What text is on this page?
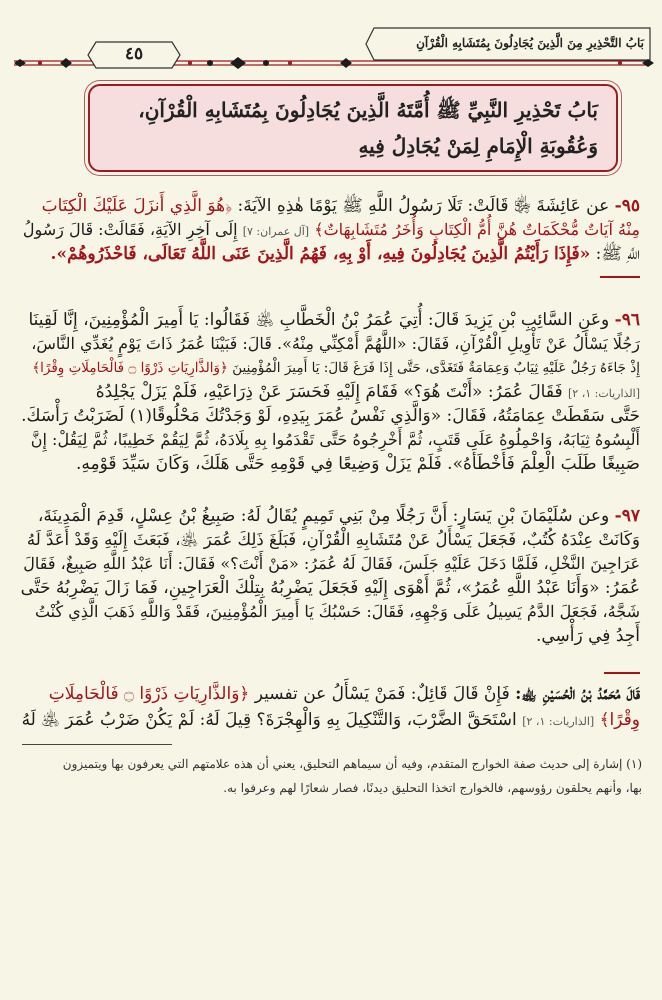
بَابُ التَّحْذِيرِ مِنَ الَّذِينَ يُجَادِلُونَ بِمُتَشَابِهِ الْقُرْآنِ
٤٥
بَابُ تَحْذِيرِ النَّبِيِّ ﷺ أُمَّتَهُ الَّذِينَ يُجَادِلُونَ بِمُتَشَابِهِ الْقُرْآنِ،
وَعُقُوبَةِ الْإِمَامِ لِمَنْ يُجَادِلُ فِيهِ
٩٥- عن عَائِشَةَ ﵂ قَالَتْ: تَلَا رَسُولُ اللَّهِ ﷺ يَوْمًا هٰذِهِ الآيَةَ: ﴿هُوَ الَّذِي أَنزَلَ عَلَيْكَ الْكِتَابَ
مِنْهُ آيَاتٌ مُّحْكَمَاتٌ هُنَّ أُمُّ الْكِتَابِ وَأُخَرُ مُتَشَابِهَاتٌ﴾ [آل عمران: ٧] إِلَى آخِرِ الآيَةِ، فَقَالَتْ: قَالَ رَسُولُ
اللَّهِ ﷺ: «فَإِذَا رَأَيْتُمُ الَّذِينَ يُجَادِلُونَ فِيهِ، أَوْ بِهِ، فَهُمُ الَّذِينَ عَنَى اللَّهُ تَعَالَى، فَاحْذَرُوهُمْ».
٩٦- وعَنِ السَّائِبِ بْنِ يَزِيدَ قَالَ: أُتِيَ عُمَرُ بْنُ الْخَطَّابِ ﵁ فَقَالُوا: يَا أَمِيرَ الْمُؤْمِنِينَ، إِنَّا لَقِينَا
رَجُلًا يَسْأَلُ عَنْ تَأْوِيلِ الْقُرْآنِ، فَقَالَ: «اللَّهُمَّ أَمْكِنِّي مِنْهُ». قَالَ: فَبَيْنَا عُمَرُ ذَاتَ يَوْمٍ يُغَدِّي النَّاسَ،
إِذْ جَاءَهُ رَجُلٌ عَلَيْهِ ثِيَابٌ وَعِمَامَةٌ فَتَغَدَّى، حَتَّى إِذَا فَرَغَ قَالَ: يَا أَمِيرَ الْمُؤْمِنِينَ ﴿وَالذَّارِيَاتِ ذَرْوًا ۝ فَالْحَامِلَاتِ وِقْرًا﴾
[الذاريات: ١، ٢] فَقَالَ عُمَرُ: «أَنْتَ هُوَ؟» فَقَامَ إِلَيْهِ فَحَسَرَ عَنْ ذِرَاعَيْهِ، فَلَمْ يَزَلْ يَجْلِدُهُ
حَتَّى سَقَطَتْ عِمَامَتُهُ، فَقَالَ: «وَالَّذِي نَفْسُ عُمَرَ بِيَدِهِ، لَوْ وَجَدْتُكَ مَحْلُوقًا(١) لَضَرَبْتُ رَأْسَكَ.
أَلْبِسُوهُ ثِيَابَهُ، وَاحْمِلُوهُ عَلَى قَتَبٍ، ثُمَّ أَخْرِجُوهُ حَتَّى تَقْدَمُوا بِهِ بِلَادَهُ، ثُمَّ لِيَقُمْ خَطِيبًا، ثُمَّ لِيَقُلْ: إِنَّ
صَبِيغًا طَلَبَ الْعِلْمَ فَأَخْطَأَهُ». فَلَمْ يَزَلْ وَضِيعًا فِي قَوْمِهِ حَتَّى هَلَكَ، وَكَانَ سَيِّدَ قَوْمِهِ.
٩٧- وعن سُلَيْمَانَ بْنِ يَسَارٍ: أَنَّ رَجُلًا مِنْ بَنِي تَمِيمٍ يُقَالُ لَهُ: صَبِيغُ بْنُ عِسْلٍ، قَدِمَ الْمَدِينَةَ،
وَكَانَتْ عِنْدَهُ كُتُبٌ، فَجَعَلَ يَسْأَلُ عَنْ مُتَشَابِهِ الْقُرْآنِ، فَبَلَغَ ذَلِكَ عُمَرَ ﵁، فَبَعَثَ إِلَيْهِ وَقَدْ أَعَدَّ لَهُ
عَرَاجِينَ النَّخْلِ، فَلَمَّا دَخَلَ عَلَيْهِ جَلَسَ، فَقَالَ لَهُ عُمَرُ: «مَنْ أَنْتَ؟» فَقَالَ: أَنَا عَبْدُ اللَّهِ صَبِيغٌ، فَقَالَ
عُمَرُ: «وَأَنَا عَبْدُ اللَّهِ عُمَرُ»، ثُمَّ أَهْوَى إِلَيْهِ فَجَعَلَ يَضْرِبُهُ بِتِلْكَ الْعَرَاجِينِ، فَمَا زَالَ يَضْرِبُهُ حَتَّى
شَجَّهُ، فَجَعَلَ الدَّمُ يَسِيلُ عَلَى وَجْهِهِ، فَقَالَ: حَسْبُكَ يَا أَمِيرَ الْمُؤْمِنِينَ، فَقَدْ وَاللَّهِ ذَهَبَ الَّذِي كُنْتُ
أَجِدُ فِي رَأْسِي.
قَالَ مُحَمَّدُ بْنُ الْحُسَيْنِ ﵀: فَإِنْ قَالَ قَائِلٌ: فَمَنْ يَسْأَلُ عن تفسير ﴿وَالذَّارِيَاتِ ذَرْوًا ۝ فَالْحَامِلَاتِ
وِقْرًا﴾ [الذاريات: ١، ٢] اسْتَحَقَّ الضَّرْبَ، وَالتَّنْكِيلَ بِهِ وَالْهِجْرَةَ؟ قِيلَ لَهُ: لَمْ يَكُنْ ضَرْبُ عُمَرَ ﵁ لَهُ
(١) إشارة إلى حديث صفة الخوارج المتقدم، وفيه أن سيماهم التحليق، يعني أن هذه علامتهم التي يعرفون بها ويتميزون
بها، وأنهم يحلقون رؤوسهم، فالخوارج اتخذا التحليق ديدنًا، فصار شعارًا لهم وعرفوا به.
